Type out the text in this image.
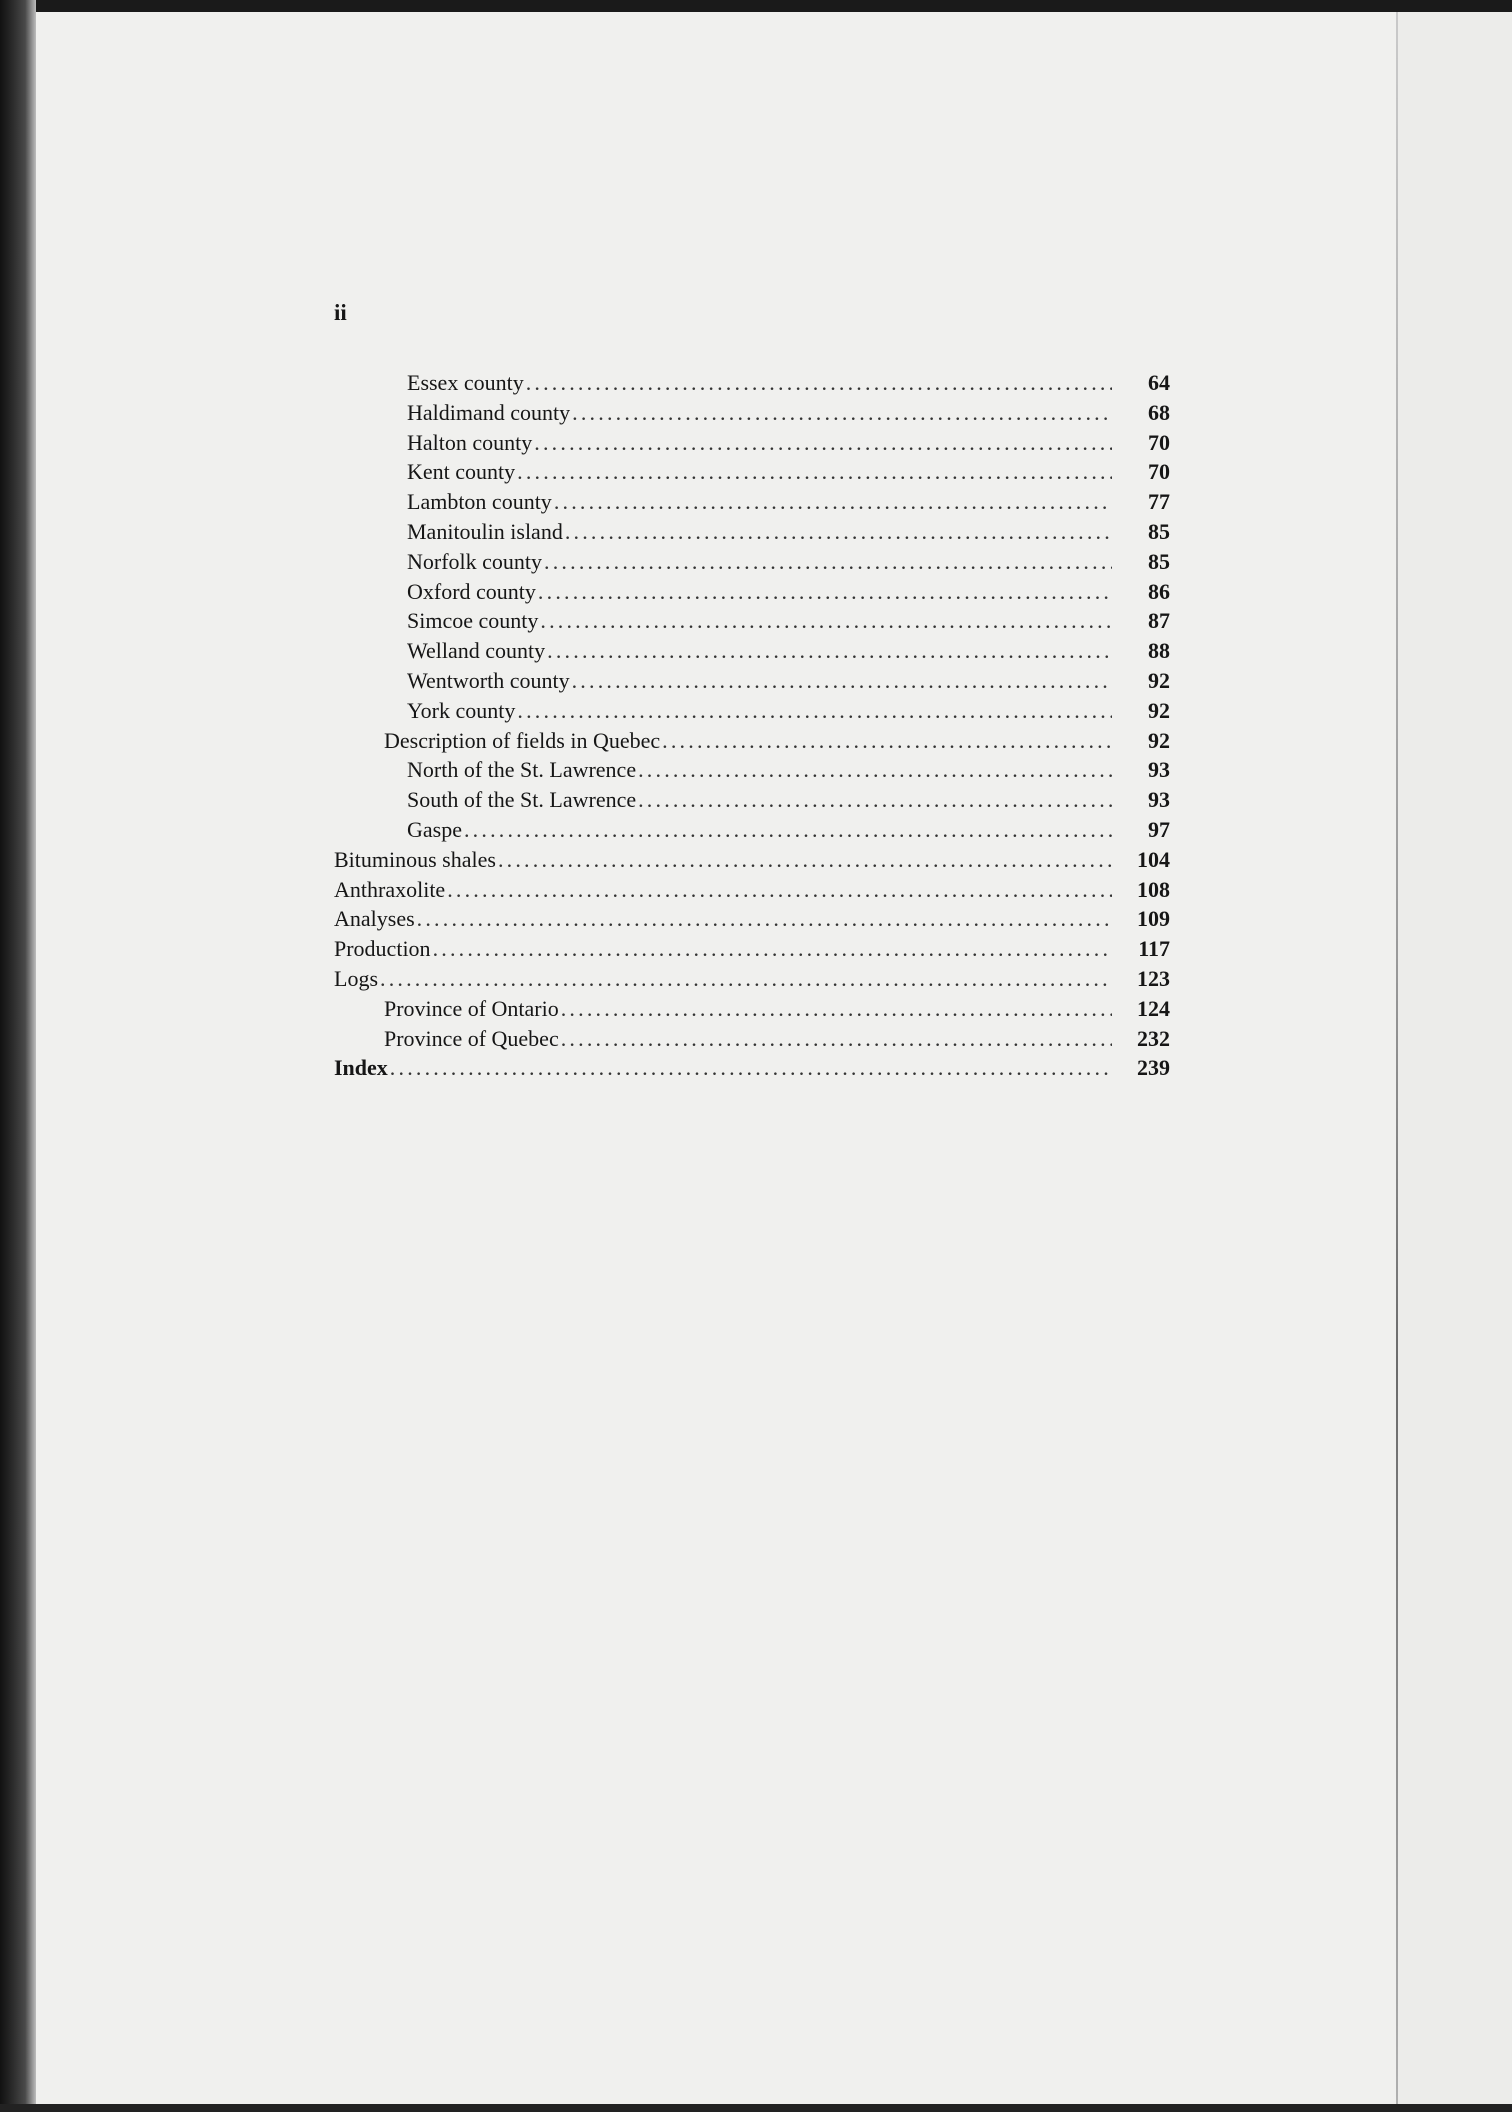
ii
Essex county .....	64
Haldimand county .....	68
Halton county .....	70
Kent county .....	70
Lambton county .....	77
Manitoulin island .....	85
Norfolk county .....	85
Oxford county .....	86
Simcoe county .....	87
Welland county .....	88
Wentworth county .....	92
York county .....	92
Description of fields in Quebec .....	92
North of the St. Lawrence .....	93
South of the St. Lawrence .....	93
Gaspe .....	97
Bituminous shales .....	104
Anthraxolite .....	108
Analyses .....	109
Production .....	117
Logs .....	123
Province of Ontario .....	124
Province of Quebec .....	232
Index .....	239
